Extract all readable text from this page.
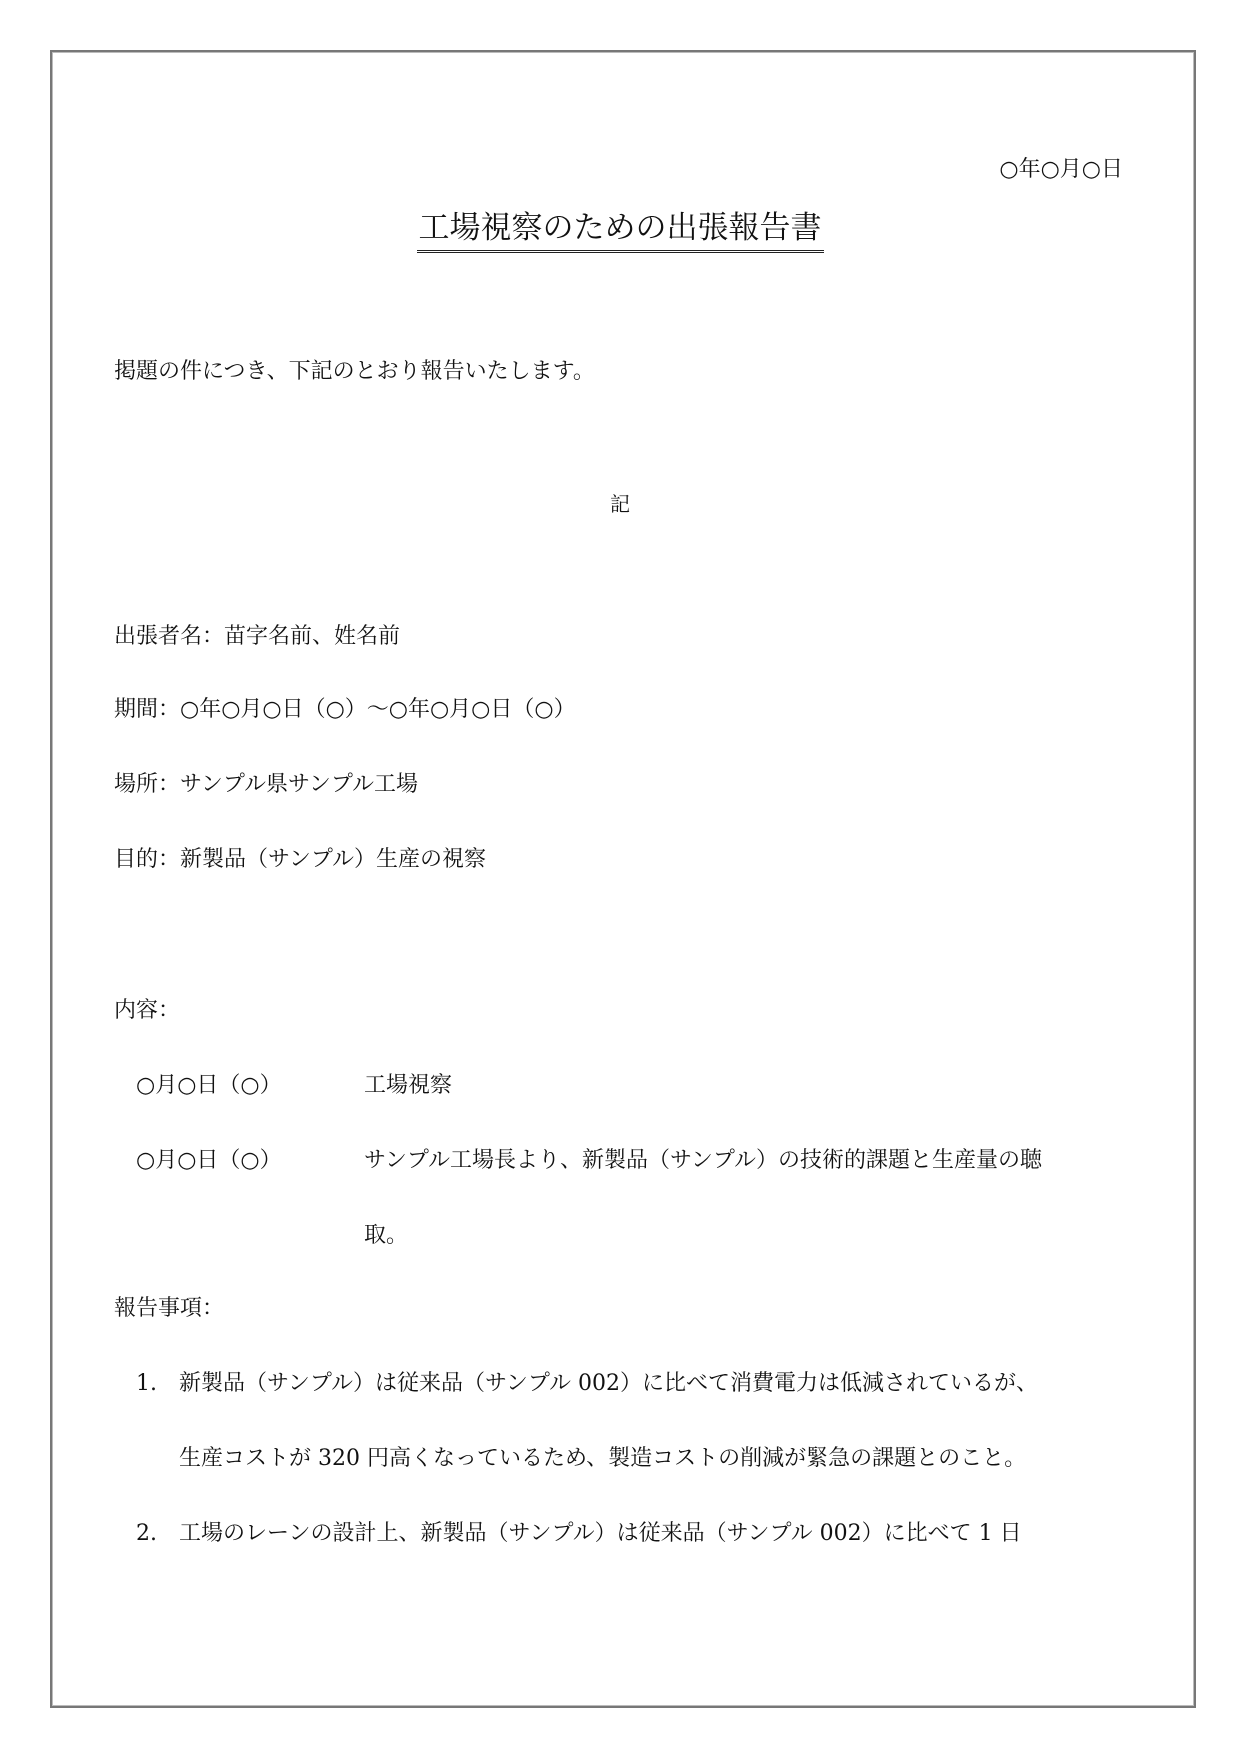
○年○月○日
工場視察のための出張報告書
掲題の件につき、下記のとおり報告いたします。
記
出張者名：苗字名前、姓名前
期間：○年○月○日（○）～○年○月○日（○）
場所：サンプル県サンプル工場
目的：新製品（サンプル）生産の視察
内容：
○月○日（○）	工場視察
○月○日（○）	サンプル工場長より、新製品（サンプル）の技術的課題と生産量の聴
取。
報告事項：
1. 新製品（サンプル）は従来品（サンプル 002）に比べて消費電力は低減されているが、
生産コストが 320 円高くなっているため、製造コストの削減が緊急の課題とのこと。
2. 工場のレーンの設計上、新製品（サンプル）は従来品（サンプル 002）に比べて 1 日
